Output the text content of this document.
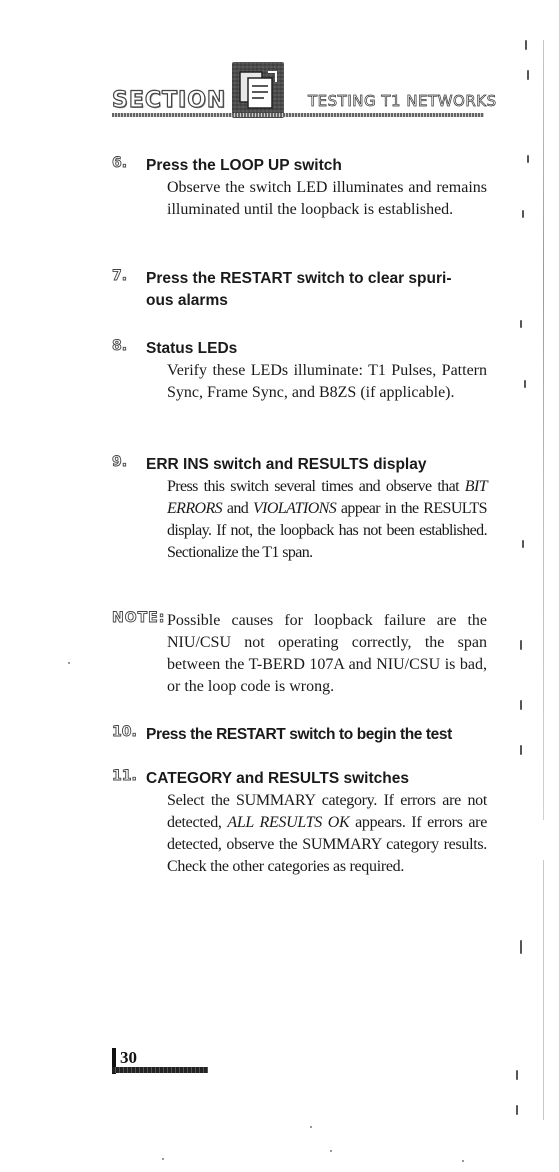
SECTION	TESTING T1 NETWORKS
6. Press the LOOP UP switch
Observe the switch LED illuminates and remains illuminated until the loopback is established.
7. Press the RESTART switch to clear spuri-
ous alarms
8. Status LEDs
Verify these LEDs illuminate: T1 Pulses, Pattern Sync, Frame Sync, and B8ZS (if applicable).
9. ERR INS switch and RESULTS display
Press this switch several times and observe that BIT ERRORS and VIOLATIONS appear in the RESULTS display. If not, the loopback has not been established. Sectionalize the T1 span.
NOTE: Possible causes for loopback failure are the NIU/CSU not operating correctly, the span between the T-BERD 107A and NIU/CSU is bad, or the loop code is wrong.
10. Press the RESTART switch to begin the test
11. CATEGORY and RESULTS switches
Select the SUMMARY category. If errors are not detected, ALL RESULTS OK appears. If errors are detected, observe the SUMMARY category results. Check the other categories as required.
30
